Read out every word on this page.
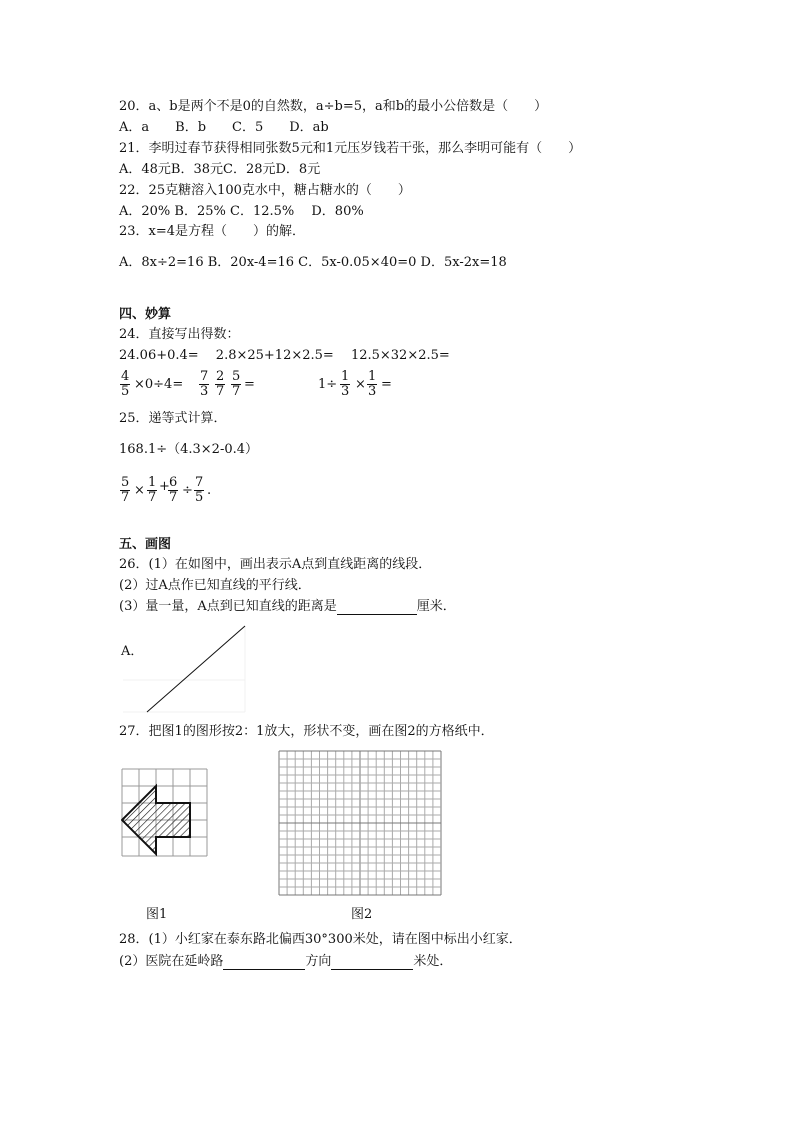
20．a、b是两个不是0的自然数，a÷b=5，a和b的最小公倍数是（　　）
A．a　　B．b　　C．5　　D．ab
21．李明过春节获得相同张数5元和1元压岁钱若干张，那么李明可能有（　　）
A．48元B．38元C．28元D．8元
22．25克糖溶入100克水中，糖占糖水的（　　）
A．20% B．25% C．12.5%　 D．80%
23．x=4是方程（　　）的解．
A．8x÷2=16 B．20x-4=16 C．5x-0.05×40=0 D．5x-2x=18
四、妙算
24．直接写出得数：
24.06+0.4=　 2.8×25+12×2.5=　 12.5×32×2.5=
$\frac{4}{5} \times 0\div 4= \frac{7}{3} \frac{2}{7} \frac{5}{7}$ =	$1\div \frac{1}{3} \times \frac{1}{3}$ =
25．递等式计算．
168.1÷（4.3×2-0.4）
$\frac{5}{7} \times \frac{1}{7}$ +
$\frac{6}{7} \div \frac{7}{5}$ .
五、画图
26．(1）在如图中，画出表示A点到直线距离的线段．
(2）过A点作已知直线的平行线．
(3）量一量，A点到已知直线的距离是	厘米．
A．
27．把图1的图形按2：1放大，形状不变，画在图2的方格纸中．
图1	图2
28．(1）小红家在泰东路北偏西30°300米处，请在图中标出小红家．
(2）医院在延岭路	方向	米处．
